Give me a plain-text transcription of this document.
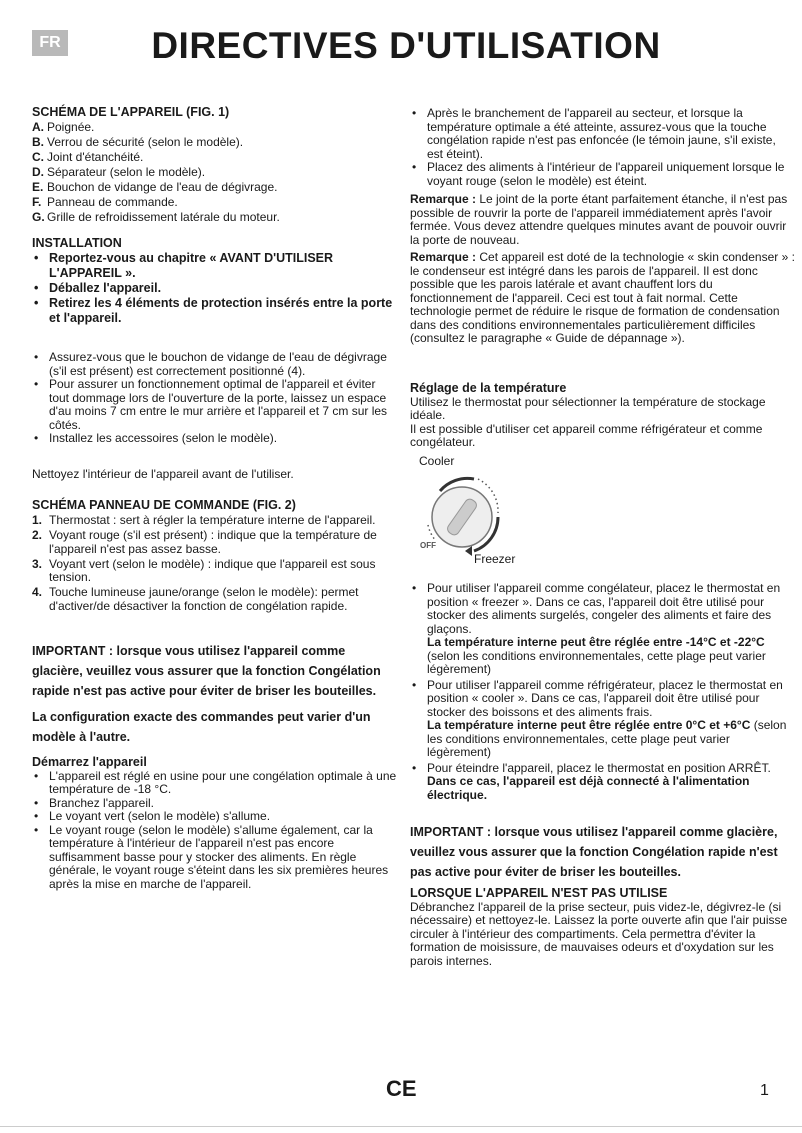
FR	DIRECTIVES D'UTILISATION
SCHÉMA DE L'APPAREIL (FIG. 1)
A. Poignée.
B. Verrou de sécurité (selon le modèle).
C. Joint d'étanchéité.
D. Séparateur (selon le modèle).
E. Bouchon de vidange de l'eau de dégivrage.
F. Panneau de commande.
G. Grille de refroidissement latérale du moteur.
INSTALLATION
• Reportez-vous au chapitre « AVANT D'UTILISER L'APPAREIL ».
• Déballez l'appareil.
• Retirez les 4 éléments de protection insérés entre la porte et l'appareil.
• Assurez-vous que le bouchon de vidange de l'eau de dégivrage (s'il est présent) est correctement positionné (4).
• Pour assurer un fonctionnement optimal de l'appareil et éviter tout dommage lors de l'ouverture de la porte, laissez un espace d'au moins 7 cm entre le mur arrière et l'appareil et 7 cm sur les côtés.
• Installez les accessoires (selon le modèle).
Nettoyez l'intérieur de l'appareil avant de l'utiliser.
SCHÉMA PANNEAU DE COMMANDE (FIG. 2)
1. Thermostat : sert à régler la température interne de l'appareil.
2. Voyant rouge (s'il est présent) : indique que la température de l'appareil n'est pas assez basse.
3. Voyant vert (selon le modèle) : indique que l'appareil est sous tension.
4. Touche lumineuse jaune/orange (selon le modèle): permet d'activer/de désactiver la fonction de congélation rapide.
IMPORTANT : lorsque vous utilisez l'appareil comme glacière, veuillez vous assurer que la fonction Congélation rapide n'est pas active pour éviter de briser les bouteilles.
La configuration exacte des commandes peut varier d'un modèle à l'autre.
Démarrez l'appareil
• L'appareil est réglé en usine pour une congélation optimale à une température de -18 °C.
• Branchez l'appareil.
• Le voyant vert (selon le modèle) s'allume.
• Le voyant rouge (selon le modèle) s'allume également, car la température à l'intérieur de l'appareil n'est pas encore suffisamment basse pour y stocker des aliments. En règle générale, le voyant rouge s'éteint dans les six premières heures après la mise en marche de l'appareil.
• Après le branchement de l'appareil au secteur, et lorsque la température optimale a été atteinte, assurez-vous que la touche congélation rapide n'est pas enfoncée (le témoin jaune, s'il existe, est éteint).
• Placez des aliments à l'intérieur de l'appareil uniquement lorsque le voyant rouge (selon le modèle) est éteint.
Remarque : Le joint de la porte étant parfaitement étanche, il n'est pas possible de rouvrir la porte de l'appareil immédiatement après l'avoir fermée. Vous devez attendre quelques minutes avant de pouvoir ouvrir la porte de nouveau.
Remarque : Cet appareil est doté de la technologie « skin condenser » : le condenseur est intégré dans les parois de l'appareil. Il est donc possible que les parois latérale et avant chauffent lors du fonctionnement de l'appareil. Ceci est tout à fait normal. Cette technologie permet de réduire le risque de formation de condensation dans des conditions environnementales particulièrement difficiles (consultez le paragraphe « Guide de dépannage »).
Réglage de la température
Utilisez le thermostat pour sélectionner la température de stockage idéale.
Il est possible d'utiliser cet appareil comme réfrigérateur et comme congélateur.
Cooler
OFF
Freezer
• Pour utiliser l'appareil comme congélateur, placez le thermostat en position « freezer ». Dans ce cas, l'appareil doit être utilisé pour stocker des aliments surgelés, congeler des aliments et faire des glaçons.
La température interne peut être réglée entre -14°C et -22°C (selon les conditions environnementales, cette plage peut varier légèrement)
• Pour utiliser l'appareil comme réfrigérateur, placez le thermostat en position « cooler ». Dans ce cas, l'appareil doit être utilisé pour stocker des boissons et des aliments frais.
La température interne peut être réglée entre 0°C et +6°C (selon les conditions environnementales, cette plage peut varier légèrement)
• Pour éteindre l'appareil, placez le thermostat en position ARRÊT.
Dans ce cas, l'appareil est déjà connecté à l'alimentation électrique.
IMPORTANT : lorsque vous utilisez l'appareil comme glacière, veuillez vous assurer que la fonction Congélation rapide n'est pas active pour éviter de briser les bouteilles.
LORSQUE L'APPAREIL N'EST PAS UTILISE
Débranchez l'appareil de la prise secteur, puis videz-le, dégivrez-le (si nécessaire) et nettoyez-le. Laissez la porte ouverte afin que l'air puisse circuler à l'intérieur des compartiments. Cela permettra d'éviter la formation de moisissure, de mauvaises odeurs et d'oxydation sur les parois internes.
CE	1
